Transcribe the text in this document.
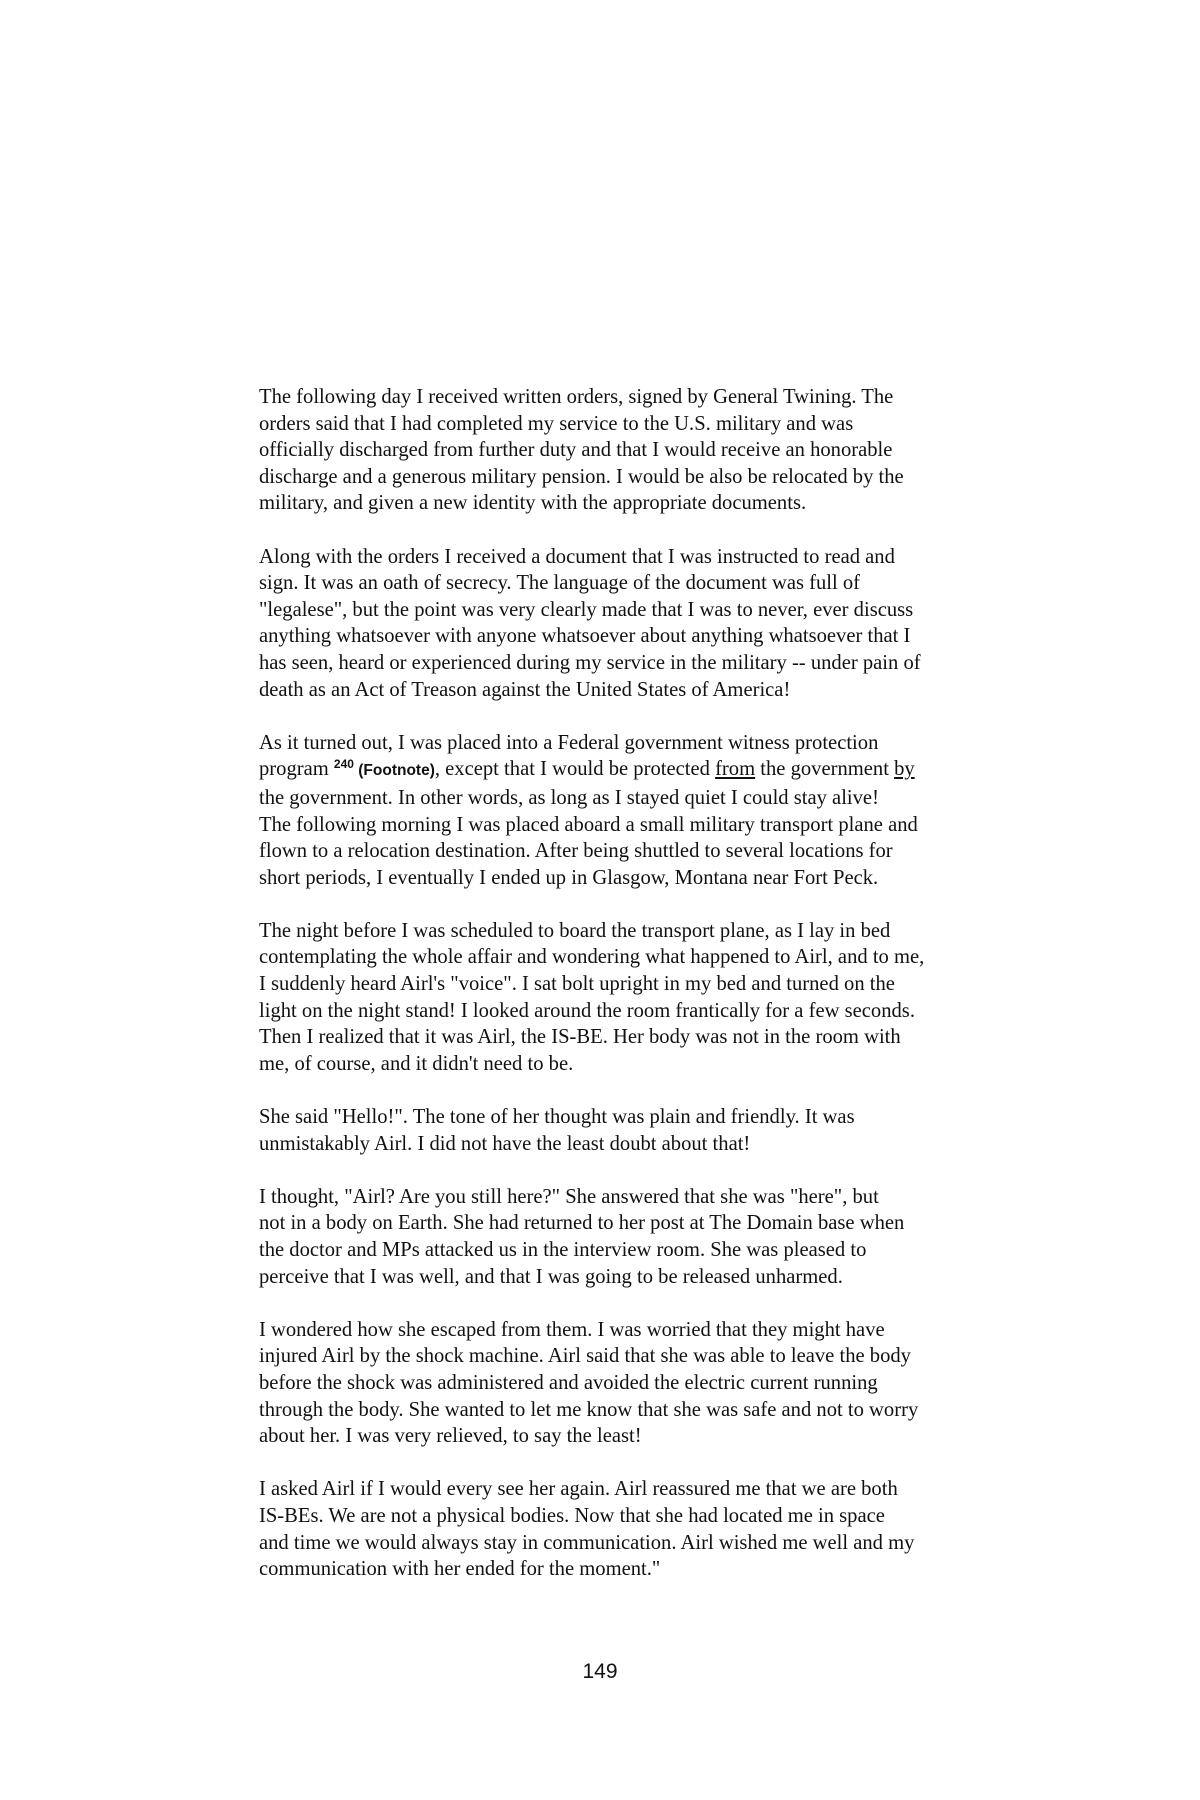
The following day I received written orders, signed by General Twining. The
orders said that I had completed my service to the U.S. military and was
officially discharged from further duty and that I would receive an honorable
discharge and a generous military pension. I would be also be relocated by the
military, and given a new identity with the appropriate documents.
Along with the orders I received a document that I was instructed to read and
sign. It was an oath of secrecy. The language of the document was full of
"legalese", but the point was very clearly made that I was to never, ever discuss
anything whatsoever with anyone whatsoever about anything whatsoever that I
has seen, heard or experienced during my service in the military -- under pain of
death as an Act of Treason against the United States of America!
As it turned out, I was placed into a Federal government witness protection
program $^{240}$ (Footnote), except that I would be protected from the government by
the government. In other words, as long as I stayed quiet I could stay alive!
The following morning I was placed aboard a small military transport plane and
flown to a relocation destination. After being shuttled to several locations for
short periods, I eventually I ended up in Glasgow, Montana near Fort Peck.
The night before I was scheduled to board the transport plane, as I lay in bed
contemplating the whole affair and wondering what happened to Airl, and to me,
I suddenly heard Airl's "voice". I sat bolt upright in my bed and turned on the
light on the night stand! I looked around the room frantically for a few seconds.
Then I realized that it was Airl, the IS-BE. Her body was not in the room with
me, of course, and it didn't need to be.
She said "Hello!". The tone of her thought was plain and friendly. It was
unmistakably Airl. I did not have the least doubt about that!
I thought, "Airl? Are you still here?" She answered that she was "here", but
not in a body on Earth. She had returned to her post at The Domain base when
the doctor and MPs attacked us in the interview room. She was pleased to
perceive that I was well, and that I was going to be released unharmed.
I wondered how she escaped from them. I was worried that they might have
injured Airl by the shock machine. Airl said that she was able to leave the body
before the shock was administered and avoided the electric current running
through the body. She wanted to let me know that she was safe and not to worry
about her. I was very relieved, to say the least!
I asked Airl if I would every see her again. Airl reassured me that we are both
IS-BEs. We are not a physical bodies. Now that she had located me in space
and time we would always stay in communication. Airl wished me well and my
communication with her ended for the moment."
149
